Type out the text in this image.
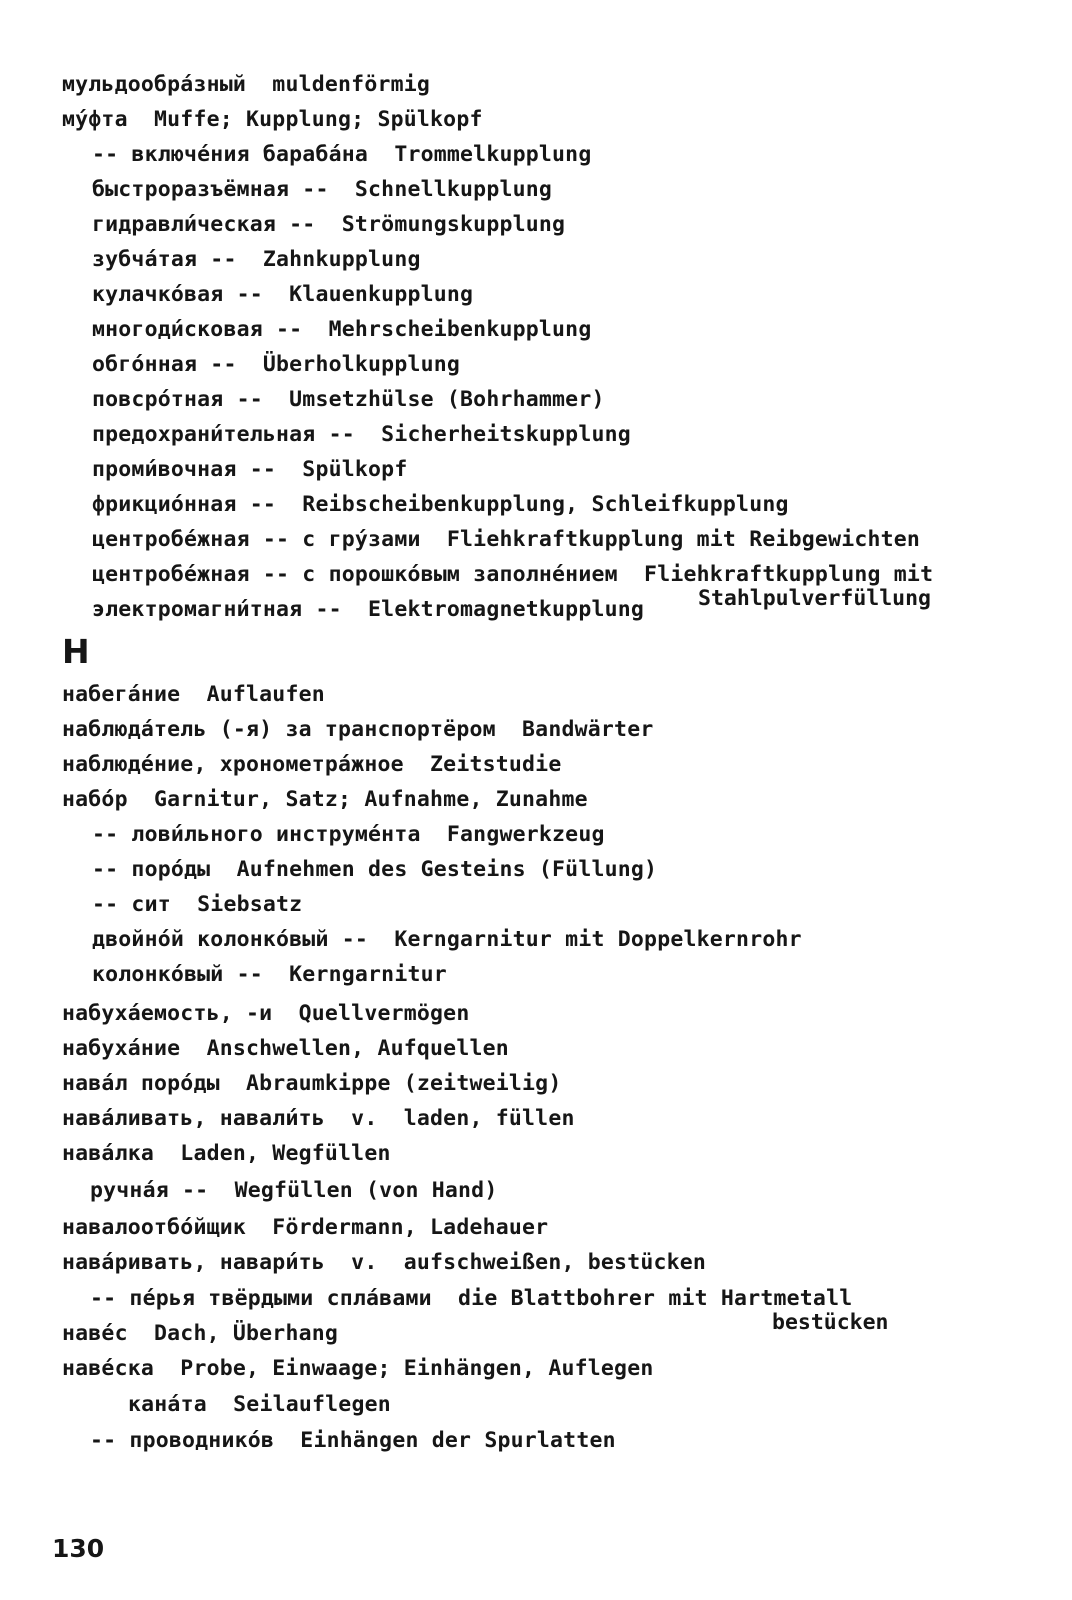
мульдообра́зный  muldenförmig
му́фта  Muffe; Kupplung; Spülkopf
-- включе́ния бараба́на  Trommelkupplung
быстроразъёмная --  Schnellkupplung
гидравли́ческая --  Strömungskupplung
зубча́тая --  Zahnkupplung
кулачко́вая --  Klauenkupplung
многоди́сковая --  Mehrscheibenkupplung
обго́нная --  Überholkupplung
повсро́тная --  Umsetzhülse (Bohrhammer)
предохрани́тельная --  Sicherheitskupplung
проми́вочная --  Spülkopf
фрикцио́нная --  Reibscheibenkupplung, Schleifkupplung
центробе́жная -- с гру́зами  Fliehkraftkupplung mit Reibgewichten
центробе́жная -- с порошко́вым заполне́нием  Fliehkraftkupplung mit
электромагни́тная --  Elektromagnetkupplung	Stahlpulverfüllung
Н
набега́ние  Auflaufen
наблюда́тель (-я) за транспортёром  Bandwärter
наблюде́ние, хронометра́жное  Zeitstudie
набо́р  Garnitur, Satz; Aufnahme, Zunahme
-- лови́льного инструме́нта  Fangwerkzeug
-- поро́ды  Aufnehmen des Gesteins (Füllung)
-- сит  Siebsatz
двойно́й колонко́вый --  Kerngarnitur mit Doppelkernrohr
колонко́вый --  Kerngarnitur
набуха́емость, -и  Quellvermögen
набуха́ние  Anschwellen, Aufquellen
нава́л поро́ды  Abraumkippe (zeitweilig)
нава́ливать, навали́ть  v.  laden, füllen
нава́лка  Laden, Wegfüllen
ручна́я --  Wegfüllen (von Hand)
навалоотбо́йщик  Fördermann, Ladehauer
нава́ривать, навари́ть  v.  aufschweißen, bestücken
-- пе́рья твёрдыми спла́вами  die Blattbohrer mit Hartmetall
наве́с  Dach, Überhang	bestücken
наве́ска  Probe, Einwaage; Einhängen, Auflegen
кана́та  Seilauflegen
-- проводнико́в  Einhängen der Spurlatten
130
